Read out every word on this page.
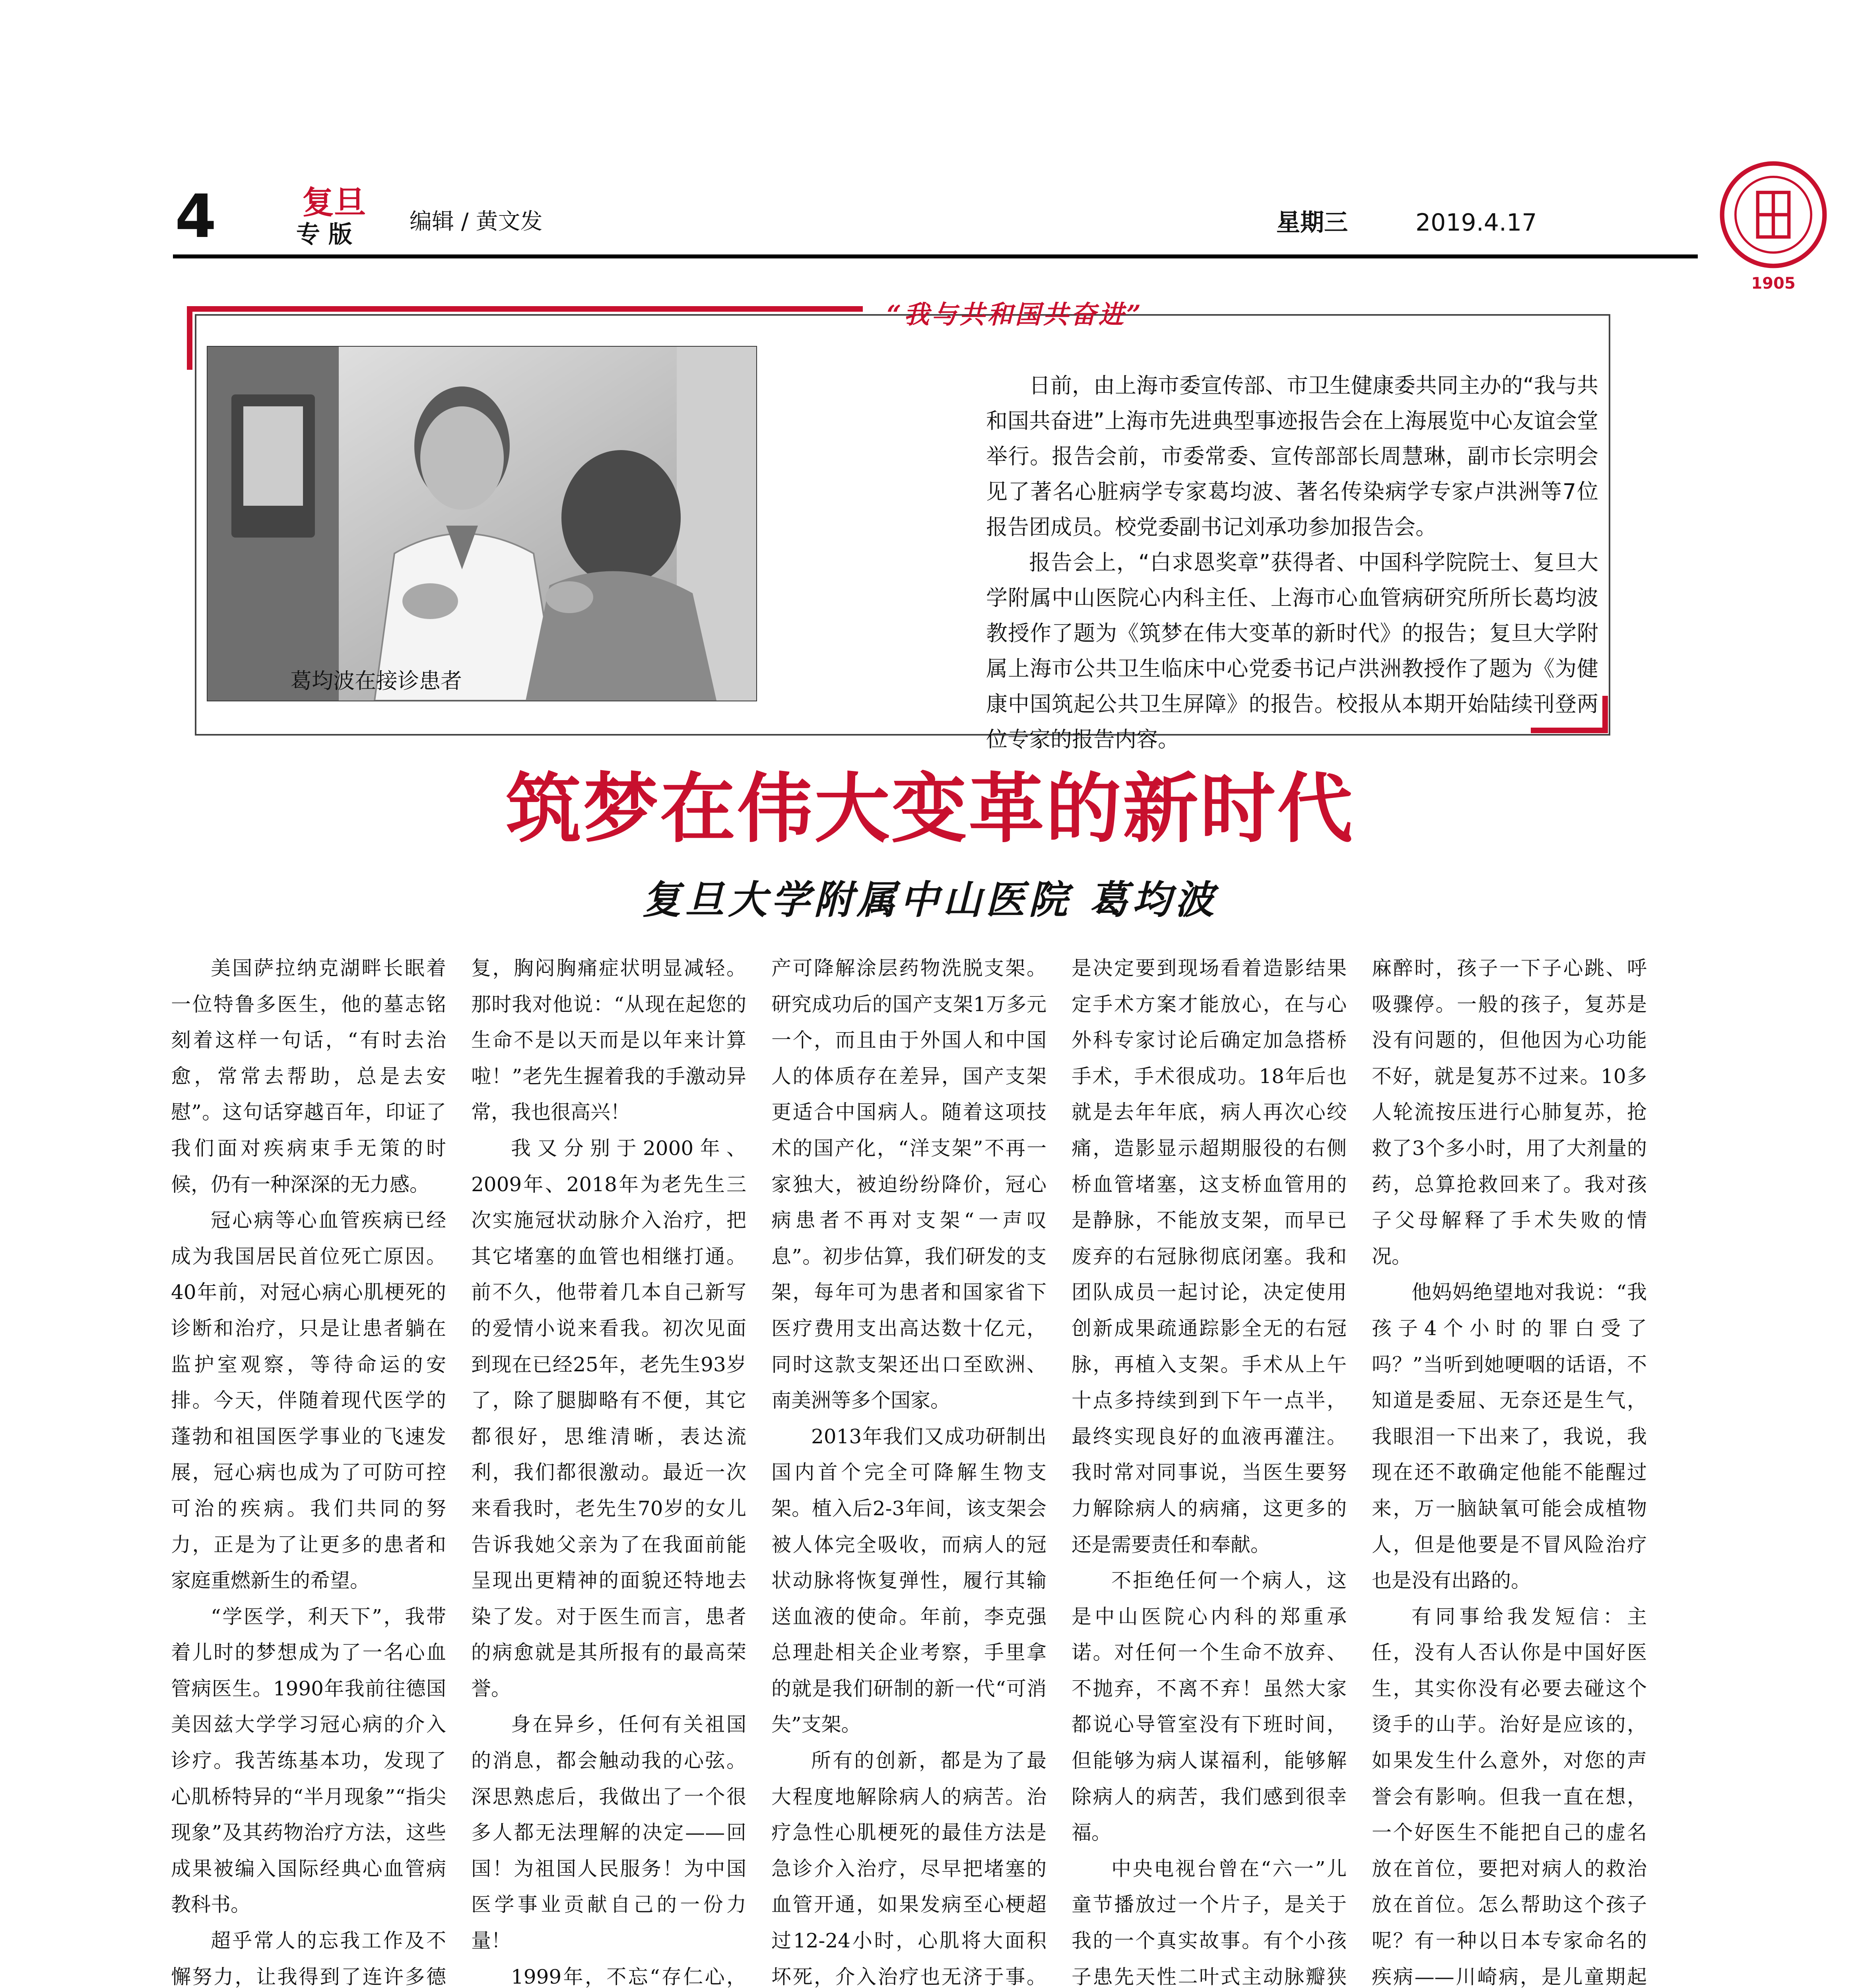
4	复旦
专 版	编辑 / 黄文发	星期三	2019.4.17
1905
“我与共和国共奋进”
葛均波在接诊患者

日前，由上海市委宣传部、市卫生健康委共同主办的“我与共和国共奋进”上海市先进典型事迹报告会在上海展览中心友谊会堂举行。报告会前，市委常委、宣传部部长周慧琳，副市长宗明会见了著名心脏病学专家葛均波、著名传染病学专家卢洪洲等7位报告团成员。校党委副书记刘承功参加报告会。

报告会上，“白求恩奖章”获得者、中国科学院院士、复旦大学附属中山医院心内科主任、上海市心血管病研究所所长葛均波教授作了题为《筑梦在伟大变革的新时代》的报告；复旦大学附属上海市公共卫生临床中心党委书记卢洪洲教授作了题为《为健康中国筑起公共卫生屏障》的报告。校报从本期开始陆续刊登两位专家的报告内容。

筑梦在伟大变革的新时代
复旦大学附属中山医院 葛均波

美国萨拉纳克湖畔长眠着一位特鲁多医生，他的墓志铭刻着这样一句话，“有时去治愈，常常去帮助，总是去安慰”。这句话穿越百年，印证了我们面对疾病束手无策的时候，仍有一种深深的无力感。

冠心病等心血管疾病已经成为我国居民首位死亡原因。40年前，对冠心病心肌梗死的诊断和治疗，只是让患者躺在监护室观察，等待命运的安排。今天，伴随着现代医学的蓬勃和祖国医学事业的飞速发展，冠心病也成为了可防可控可治的疾病。我们共同的努力，正是为了让更多的患者和家庭重燃新生的希望。

“学医学，利天下”，我带着儿时的梦想成为了一名心血管病医生。1990年我前往德国美因兹大学学习冠心病的介入诊疗。我苦练基本功，发现了心肌桥特异的“半月现象”“指尖现象”及其药物治疗方法，这些成果被编入国际经典心血管病教科书。

超乎常人的忘我工作及不懈努力，让我得到了连许多德

复，胸闷胸痛症状明显减轻。那时我对他说：“从现在起您的生命不是以天而是以年来计算啦！”老先生握着我的手激动异常，我也很高兴！

我又分别于2000年、2009年、2018年为老先生三次实施冠状动脉介入治疗，把其它堵塞的血管也相继打通。前不久，他带着几本自己新写的爱情小说来看我。初次见面到现在已经25年，老先生93岁了，除了腿脚略有不便，其它都很好，思维清晰，表达流利，我们都很激动。最近一次来看我时，老先生70岁的女儿告诉我她父亲为了在我面前能呈现出更精神的面貌还特地去染了发。对于医生而言，患者的病愈就是其所报有的最高荣誉。

身在异乡，任何有关祖国的消息，都会触动我的心弦。深思熟虑后，我做出了一个很多人都无法理解的决定——回国！为祖国人民服务！为中国医学事业贡献自己的一份力量！

1999年，不忘“存仁心，

产可降解涂层药物洗脱支架。研究成功后的国产支架1万多元一个，而且由于外国人和中国人的体质存在差异，国产支架更适合中国病人。随着这项技术的国产化，“洋支架”不再一家独大，被迫纷纷降价，冠心病患者不再对支架“一声叹息”。初步估算，我们研发的支架，每年可为患者和国家省下医疗费用支出高达数十亿元，同时这款支架还出口至欧洲、南美洲等多个国家。

2013年我们又成功研制出国内首个完全可降解生物支架。植入后2-3年间，该支架会被人体完全吸收，而病人的冠状动脉将恢复弹性，履行其输送血液的使命。年前，李克强总理赴相关企业考察，手里拿的就是我们研制的新一代“可消失”支架。

所有的创新，都是为了最大程度地解除病人的病苦。治疗急性心肌梗死的最佳方法是急诊介入治疗，尽早把堵塞的血管开通，如果发病至心梗超过12-24小时，心肌将大面积坏死，介入治疗也无济于事。

是决定要到现场看着造影结果定手术方案才能放心，在与心外科专家讨论后确定加急搭桥手术，手术很成功。18年后也就是去年年底，病人再次心绞痛，造影显示超期服役的右侧桥血管堵塞，这支桥血管用的是静脉，不能放支架，而早已废弃的右冠脉彻底闭塞。我和团队成员一起讨论，决定使用创新成果疏通踪影全无的右冠脉，再植入支架。手术从上午十点多持续到到下午一点半，最终实现良好的血液再灌注。我时常对同事说，当医生要努力解除病人的病痛，这更多的还是需要责任和奉献。

不拒绝任何一个病人，这是中山医院心内科的郑重承诺。对任何一个生命不放弃、不抛弃，不离不弃！虽然大家都说心导管室没有下班时间，但能够为病人谋福利，能够解除病人的病苦，我们感到很幸福。

中央电视台曾在“六一”儿童节播放过一个片子，是关于我的一个真实故事。有个小孩子患先天性二叶式主动脉瓣狭

麻醉时，孩子一下子心跳、呼吸骤停。一般的孩子，复苏是没有问题的，但他因为心功能不好，就是复苏不过来。10多人轮流按压进行心肺复苏，抢救了3个多小时，用了大剂量的药，总算抢救回来了。我对孩子父母解释了手术失败的情况。

他妈妈绝望地对我说：“我孩子4个小时的罪白受了吗？”当听到她哽咽的话语，不知道是委屈、无奈还是生气，我眼泪一下出来了，我说，我现在还不敢确定他能不能醒过来，万一脑缺氧可能会成植物人，但是他要是不冒风险治疗也是没有出路的。

有同事给我发短信：主任，没有人否认你是中国好医生，其实你没有必要去碰这个烫手的山芋。治好是应该的，如果发生什么意外，对您的声誉会有影响。但我一直在想，一个好医生不能把自己的虚名放在首位，要把对病人的救治放在首位。怎么帮助这个孩子呢？有一种以日本专家命名的疾病——川崎病，是儿童期起
